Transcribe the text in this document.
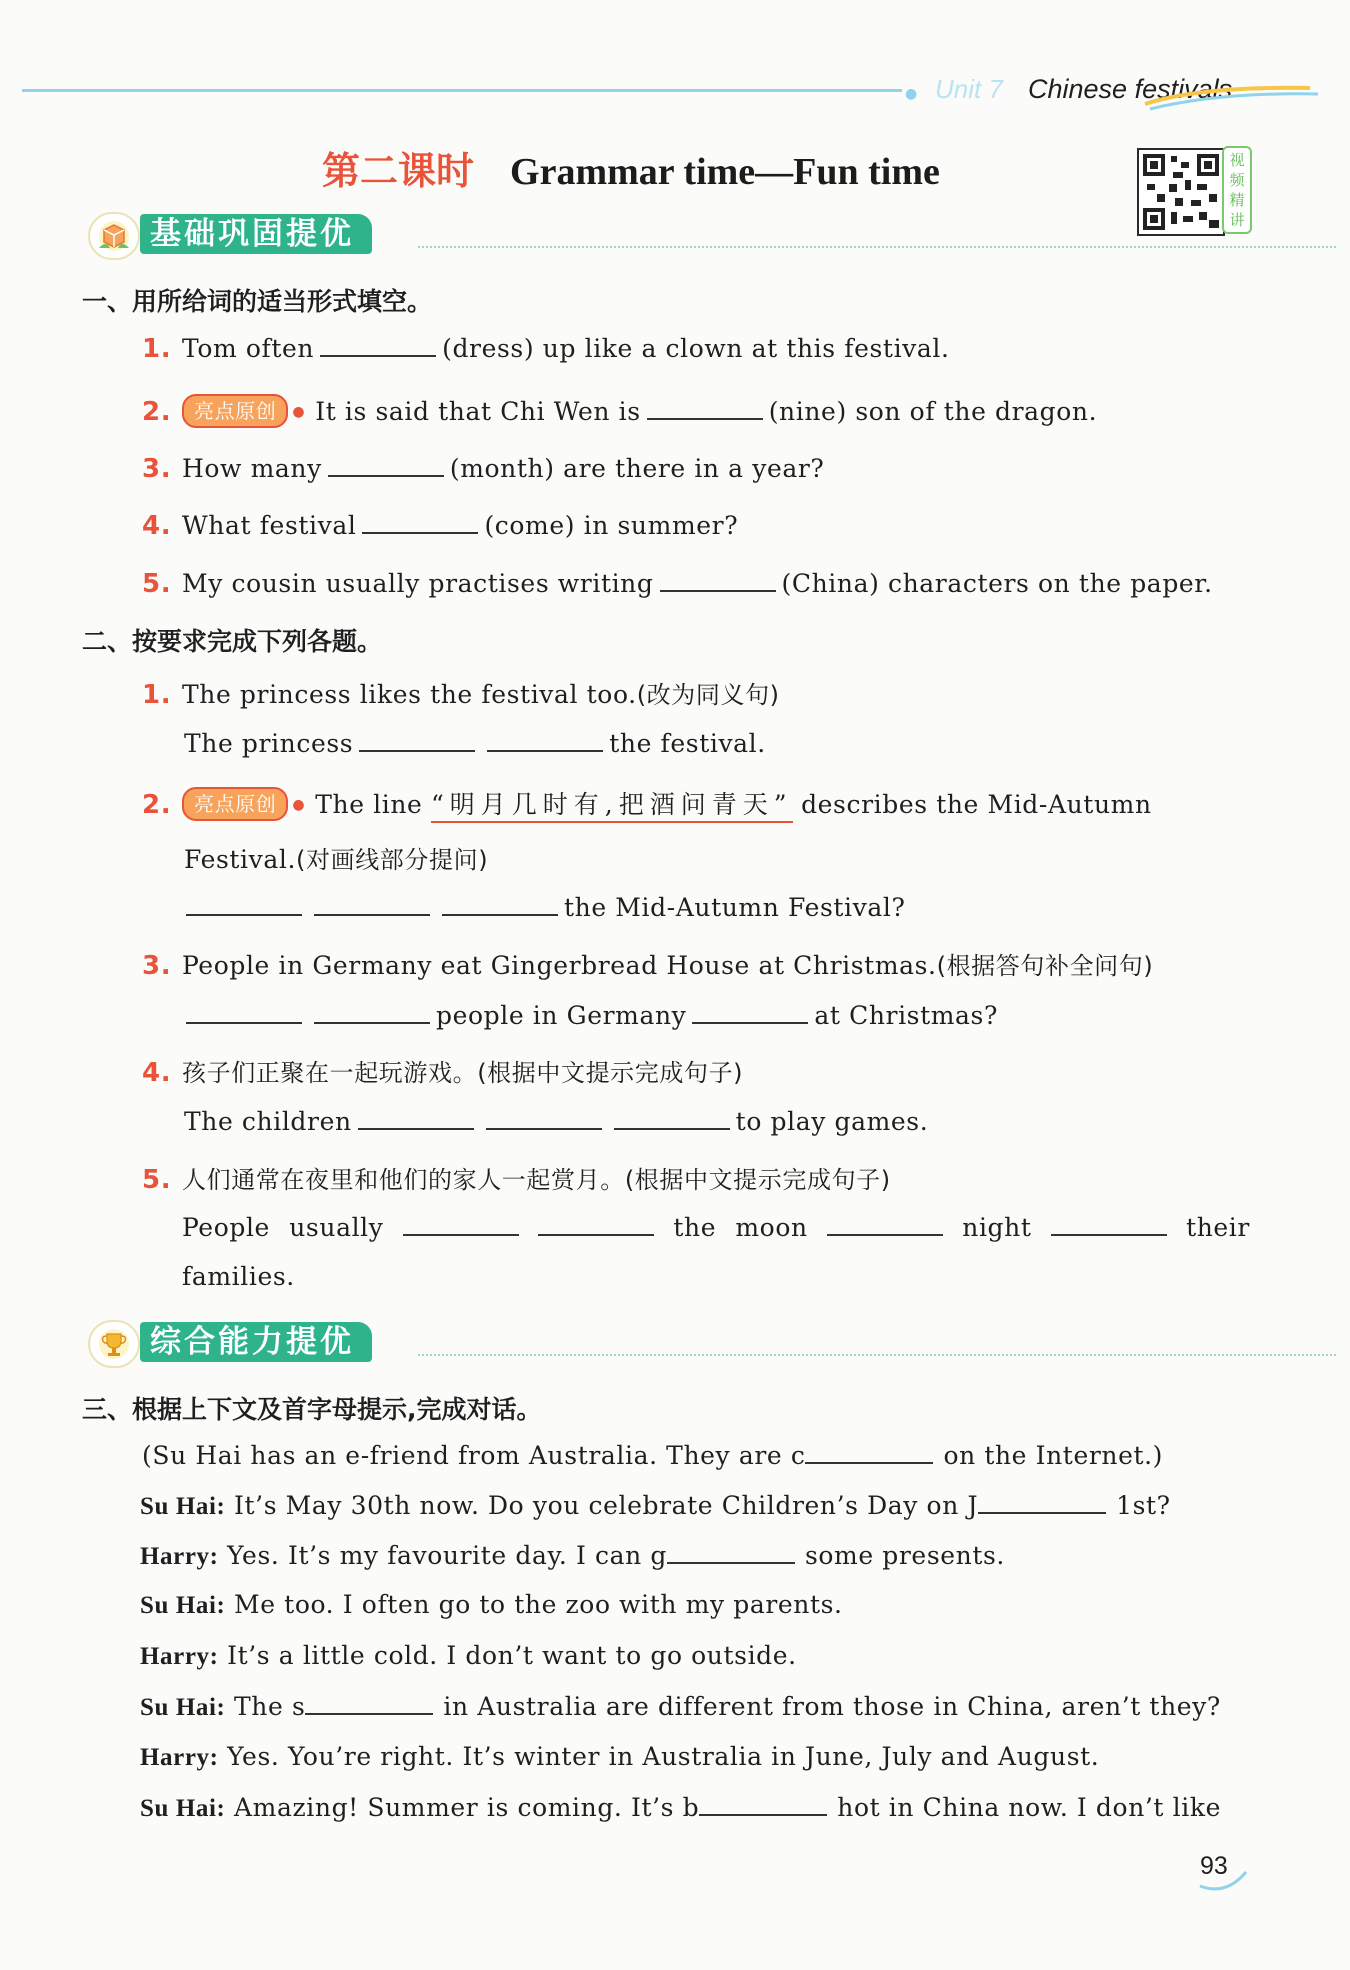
● Unit 7 Chinese festivals
第二课时 Grammar time—Fun time	视
频
精
讲
基础巩固提优
一、用所给词的适当形式填空。
1. Tom often	(dress) up like a clown at this festival.
2. 亮点原创 ● It is said that Chi Wen is	(nine) son of the dragon.
3. How many	(month) are there in a year?
4. What festival	(come) in summer?
5. My cousin usually practises writing	(China) characters on the paper.
二、按要求完成下列各题。
1. The princess likes the festival too.(改为同义句)
The princess	the festival.
2. 亮点原创 ● The line “明月几时有,把酒问青天” describes the Mid-Autumn
Festival.(对画线部分提问)
the Mid-Autumn Festival?
3. People in Germany eat Gingerbread House at Christmas.(根据答句补全问句)
people in Germany	at Christmas?
4. 孩子们正聚在一起玩游戏。(根据中文提示完成句子)
The children	to play games.
5. 人们通常在夜里和他们的家人一起赏月。(根据中文提示完成句子)
People usually	the moon	night	their
families.
综合能力提优
三、根据上下文及首字母提示,完成对话。
(Su Hai has an e-friend from Australia. They are c	on the Internet.)
Su Hai: It’s May 30th now. Do you celebrate Children’s Day on J	1st?
Harry: Yes. It’s my favourite day. I can g	some presents.
Su Hai: Me too. I often go to the zoo with my parents.
Harry: It’s a little cold. I don’t want to go outside.
Su Hai: The s	in Australia are different from those in China, aren’t they?
Harry: Yes. You’re right. It’s winter in Australia in June, July and August.
Su Hai: Amazing! Summer is coming. It’s b	hot in China now. I don’t like
93
